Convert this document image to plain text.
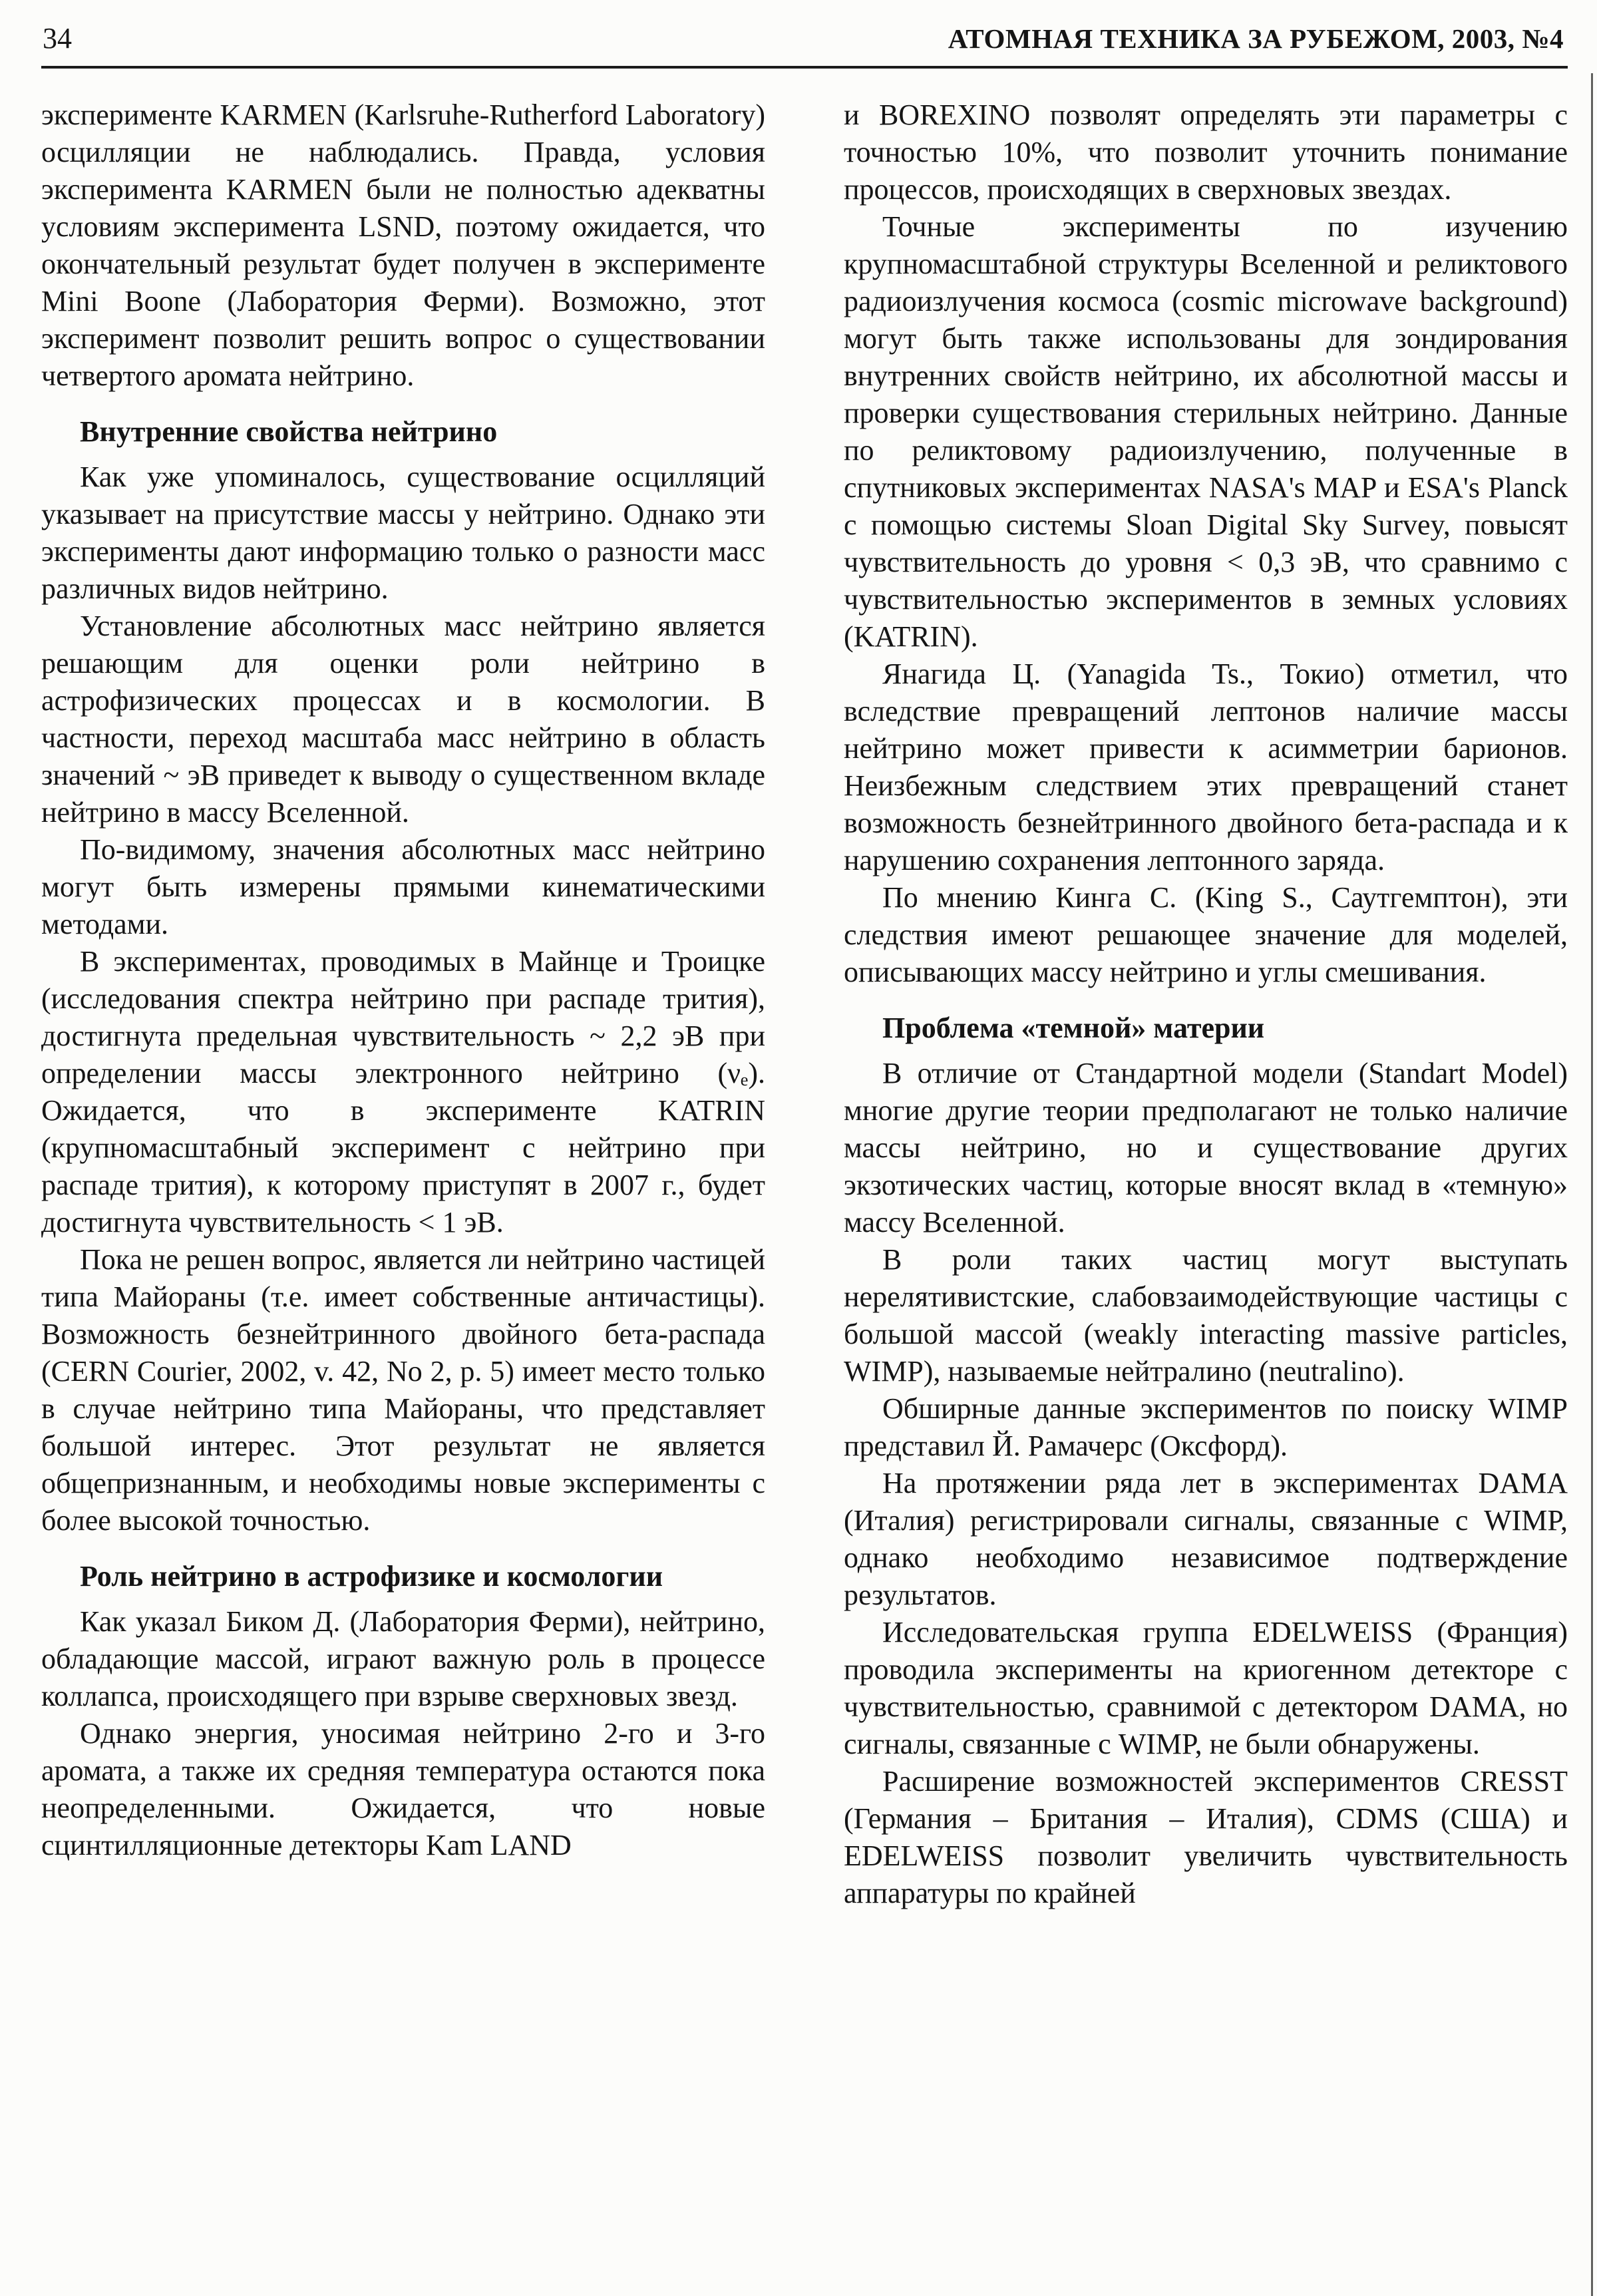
34	АТОМНАЯ ТЕХНИКА ЗА РУБЕЖОМ, 2003, №4
эксперименте KARMEN (Karlsruhe-Rutherford Laboratory) осцилляции не наблюдались. Правда, условия эксперимента KARMEN были не полностью адекватны условиям эксперимента LSND, поэтому ожидается, что окончательный результат будет получен в эксперименте Mini Boone (Лаборатория Ферми). Возможно, этот эксперимент позволит решить вопрос о существовании четвертого аромата нейтрино.
Внутренние свойства нейтрино
Как уже упоминалось, существование осцилляций указывает на присутствие массы у нейтрино. Однако эти эксперименты дают информацию только о разности масс различных видов нейтрино.
Установление абсолютных масс нейтрино является решающим для оценки роли нейтрино в астрофизических процессах и в космологии. В частности, переход масштаба масс нейтрино в область значений ~ эВ приведет к выводу о существенном вкладе нейтрино в массу Вселенной.
По-видимому, значения абсолютных масс нейтрино могут быть измерены прямыми кинематическими методами.
В экспериментах, проводимых в Майнце и Троицке (исследования спектра нейтрино при распаде трития), достигнута предельная чувствительность ~ 2,2 эВ при определении массы электронного нейтрино (νₑ). Ожидается, что в эксперименте KATRIN (крупномасштабный эксперимент с нейтрино при распаде трития), к которому приступят в 2007 г., будет достигнута чувствительность < 1 эВ.
Пока не решен вопрос, является ли нейтрино частицей типа Майораны (т.е. имеет собственные античастицы). Возможность безнейтринного двойного бета-распада (CERN Courier, 2002, v. 42, No 2, p. 5) имеет место только в случае нейтрино типа Майораны, что представляет большой интерес. Этот результат не является общепризнанным, и необходимы новые эксперименты с более высокой точностью.
Роль нейтрино в астрофизике и космологии
Как указал Биком Д. (Лаборатория Ферми), нейтрино, обладающие массой, играют важную роль в процессе коллапса, происходящего при взрыве сверхновых звезд.
Однако энергия, уносимая нейтрино 2-го и 3-го аромата, а также их средняя температура остаются пока неопределенными. Ожидается, что новые сцинтилляционные детекторы Kam LAND
и BOREXINO позволят определять эти параметры с точностью 10%, что позволит уточнить понимание процессов, происходящих в сверхновых звездах.
Точные эксперименты по изучению крупномасштабной структуры Вселенной и реликтового радиоизлучения космоса (cosmic microwave background) могут быть также использованы для зондирования внутренних свойств нейтрино, их абсолютной массы и проверки существования стерильных нейтрино. Данные по реликтовому радиоизлучению, полученные в спутниковых экспериментах NASA's MAP и ESA's Planck с помощью системы Sloan Digital Sky Survey, повысят чувствительность до уровня < 0,3 эВ, что сравнимо с чувствительностью экспериментов в земных условиях (KATRIN).
Янагида Ц. (Yanagida Ts., Токио) отметил, что вследствие превращений лептонов наличие массы нейтрино может привести к асимметрии барионов. Неизбежным следствием этих превращений станет возможность безнейтринного двойного бета-распада и к нарушению сохранения лептонного заряда.
По мнению Кинга С. (King S., Саутгемптон), эти следствия имеют решающее значение для моделей, описывающих массу нейтрино и углы смешивания.
Проблема «темной» материи
В отличие от Стандартной модели (Standart Model) многие другие теории предполагают не только наличие массы нейтрино, но и существование других экзотических частиц, которые вносят вклад в «темную» массу Вселенной.
В роли таких частиц могут выступать нерелятивистские, слабовзаимодействующие частицы с большой массой (weakly interacting massive particles, WIMP), называемые нейтралино (neutralino).
Обширные данные экспериментов по поиску WIMP представил Й. Рамачерс (Оксфорд).
На протяжении ряда лет в экспериментах DAMA (Италия) регистрировали сигналы, связанные с WIMP, однако необходимо независимое подтверждение результатов.
Исследовательская группа EDELWEISS (Франция) проводила эксперименты на криогенном детекторе с чувствительностью, сравнимой с детектором DAMA, но сигналы, связанные с WIMP, не были обнаружены.
Расширение возможностей экспериментов CRESST (Германия – Британия – Италия), CDMS (США) и EDELWEISS позволит увеличить чувствительность аппаратуры по крайней
